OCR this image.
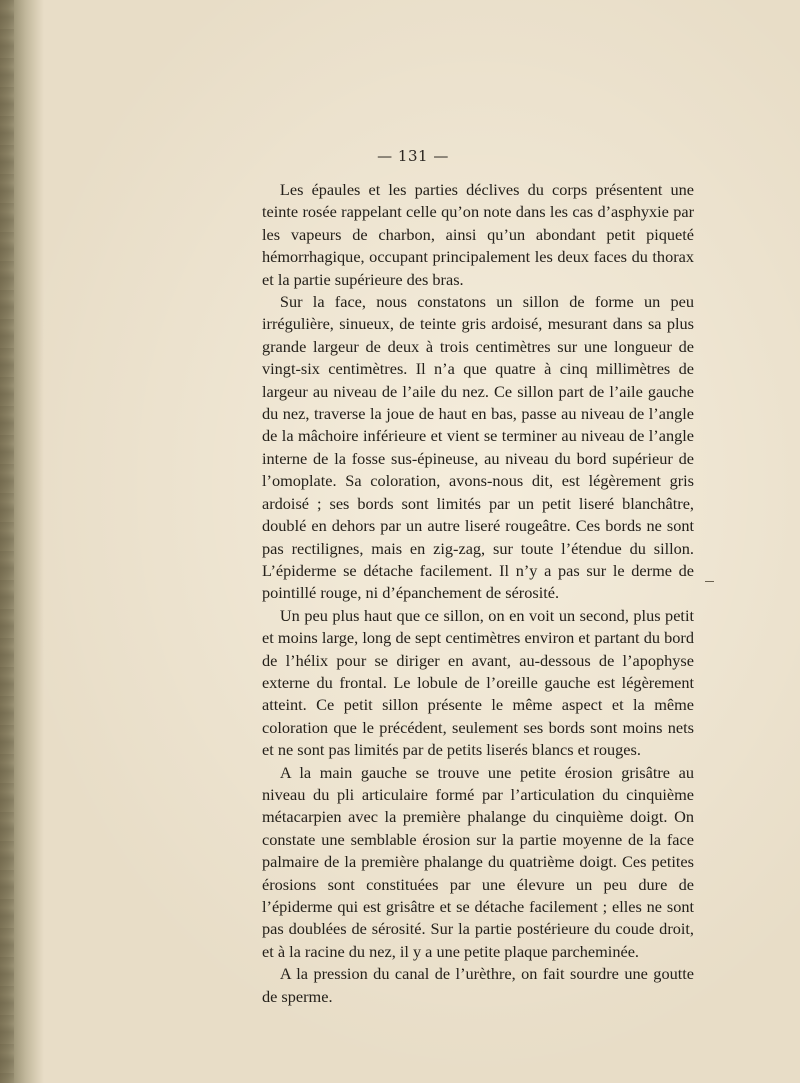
— 131 —

Les épaules et les parties déclives du corps présentent une teinte rosée rappelant celle qu’on note dans les cas d’asphyxie par les vapeurs de charbon, ainsi qu’un abondant petit piqueté hémorrhagique, occupant principalement les deux faces du thorax et la partie supérieure des bras.

Sur la face, nous constatons un sillon de forme un peu irrégulière, sinueux, de teinte gris ardoisé, mesurant dans sa plus grande largeur de deux à trois centimètres sur une longueur de vingt-six centimètres. Il n’a que quatre à cinq millimètres de largeur au niveau de l’aile du nez. Ce sillon part de l’aile gauche du nez, traverse la joue de haut en bas, passe au niveau de l’angle de la mâchoire inférieure et vient se terminer au niveau de l’angle interne de la fosse sus-épineuse, au niveau du bord supérieur de l’omoplate. Sa coloration, avons-nous dit, est légèrement gris ardoisé ; ses bords sont limités par un petit liseré blanchâtre, doublé en dehors par un autre liseré rougeâtre. Ces bords ne sont pas rectilignes, mais en zig-zag, sur toute l’étendue du sillon. L’épiderme se détache facilement. Il n’y a pas sur le derme de pointillé rouge, ni d’épanchement de sérosité.

Un peu plus haut que ce sillon, on en voit un second, plus petit et moins large, long de sept centimètres environ et partant du bord de l’hélix pour se diriger en avant, au-dessous de l’apophyse externe du frontal. Le lobule de l’oreille gauche est légèrement atteint. Ce petit sillon présente le même aspect et la même coloration que le précédent, seulement ses bords sont moins nets et ne sont pas limités par de petits liserés blancs et rouges.

A la main gauche se trouve une petite érosion grisâtre au niveau du pli articulaire formé par l’articulation du cinquième métacarpien avec la première phalange du cinquième doigt. On constate une semblable érosion sur la partie moyenne de la face palmaire de la première phalange du quatrième doigt. Ces petites érosions sont constituées par une élevure un peu dure de l’épiderme qui est grisâtre et se détache facilement ; elles ne sont pas doublées de sérosité. Sur la partie postérieure du coude droit, et à la racine du nez, il y a une petite plaque parcheminée.

A la pression du canal de l’urèthre, on fait sourdre une goutte de sperme.
